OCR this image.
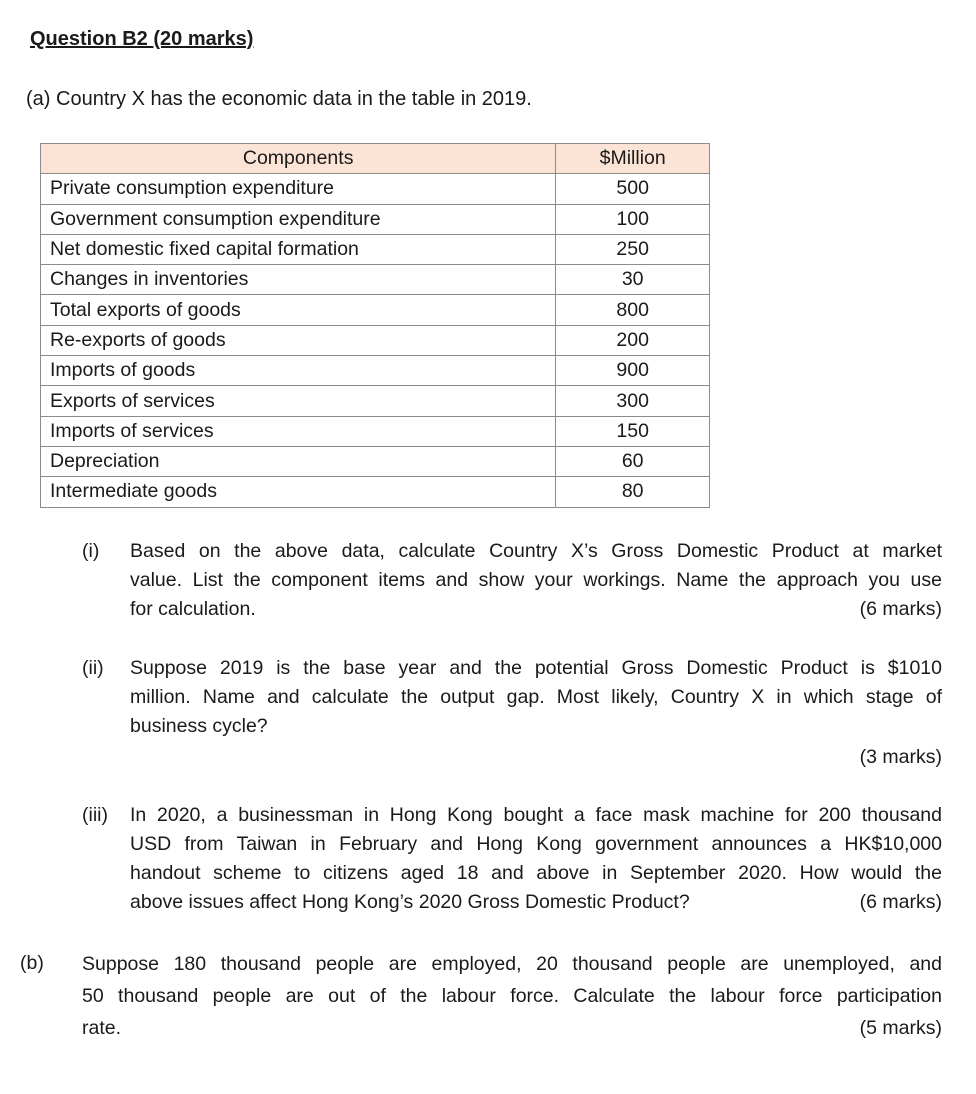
Question B2 (20 marks)
(a) Country X has the economic data in the table in 2019.
Components	$Million
Private consumption expenditure	500
Government consumption expenditure	100
Net domestic fixed capital formation	250
Changes in inventories	30
Total exports of goods	800
Re-exports of goods	200
Imports of goods	900
Exports of services	300
Imports of services	150
Depreciation	60
Intermediate goods	80
(i) Based on the above data, calculate Country X’s Gross Domestic Product at market
value. List the component items and show your workings. Name the approach you use
for calculation.	(6 marks)
(ii) Suppose 2019 is the base year and the potential Gross Domestic Product is $1010
million. Name and calculate the output gap. Most likely, Country X in which stage of
business cycle?
(3 marks)
(iii) In 2020, a businessman in Hong Kong bought a face mask machine for 200 thousand
USD from Taiwan in February and Hong Kong government announces a HK$10,000
handout scheme to citizens aged 18 and above in September 2020. How would the
above issues affect Hong Kong’s 2020 Gross Domestic Product?	(6 marks)
(b) Suppose 180 thousand people are employed, 20 thousand people are unemployed, and
50 thousand people are out of the labour force. Calculate the labour force participation
rate.	(5 marks)
